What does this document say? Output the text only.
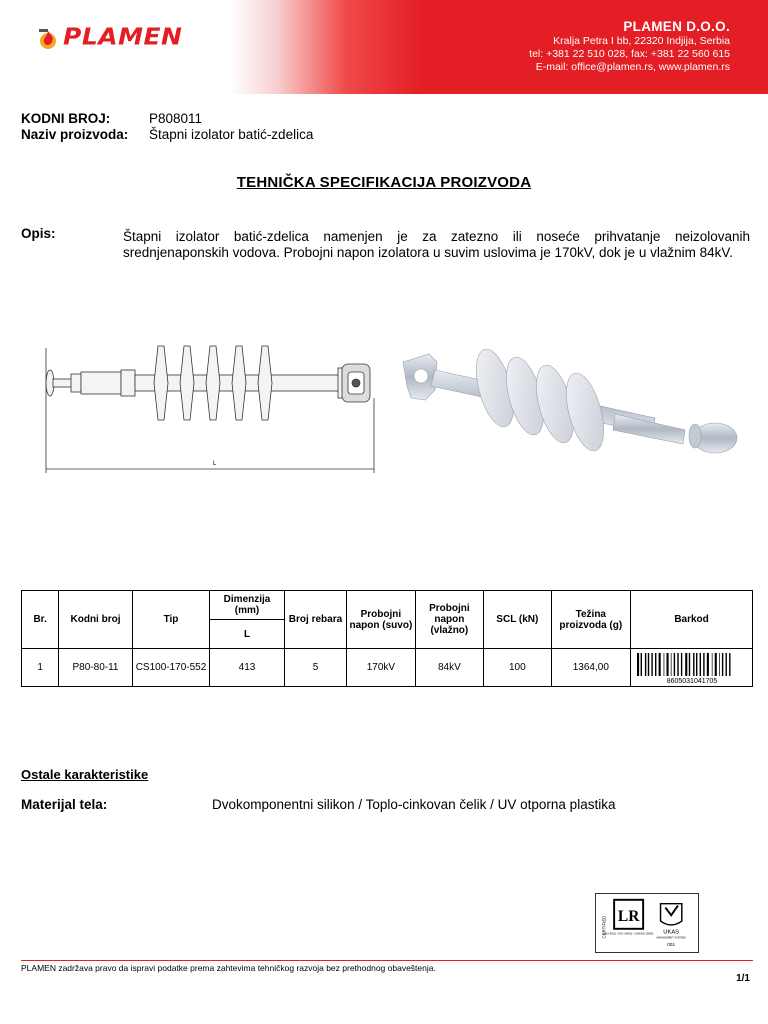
PLAMEN	PLAMEN D.O.O.
Kralja Petra I bb, 22320 Indjija, Serbia
tel: +381 22 510 028, fax: +381 22 560 615
E-mail: office@plamen.rs, www.plamen.rs
KODNI BROJ:	P808011
Naziv proizvoda:	Štapni izolator batić-zdelica
TEHNIČKA SPECIFIKACIJA PROIZVODA
Opis:	Štapni izolator batić-zdelica namenjen je za zatezno ili noseće prihvatanje neizolovanih srednjenaponskih vodova. Probojni napon izolatora u suvim uslovima je 170kV, dok je u vlažnim 84kV.
L
Br.	Kodni broj	Tip	Dimenzija (mm)	Broj rebara	Probojni napon (suvo)	Probojni napon (vlažno)	SCL (kN)	Težina proizvoda (g)	Barkod
			L						
1	P80-80-11	CS100-170-552	413	5	170kV	84kV	100	1364,00	8605031041705
Ostale karakteristike
Materijal tela:	Dvokomponentni silikon / Toplo-cinkovan čelik / UV otporna plastika
CERTIFIED LR
ISO 9001 / ISO 14001 / OHSAS 18001 UKAS
MANAGEMENT SYSTEMS
001
PLAMEN zadržava pravo da ispravi podatke prema zahtevima tehničkog razvoja bez prethodnog obaveštenja.
1/1
